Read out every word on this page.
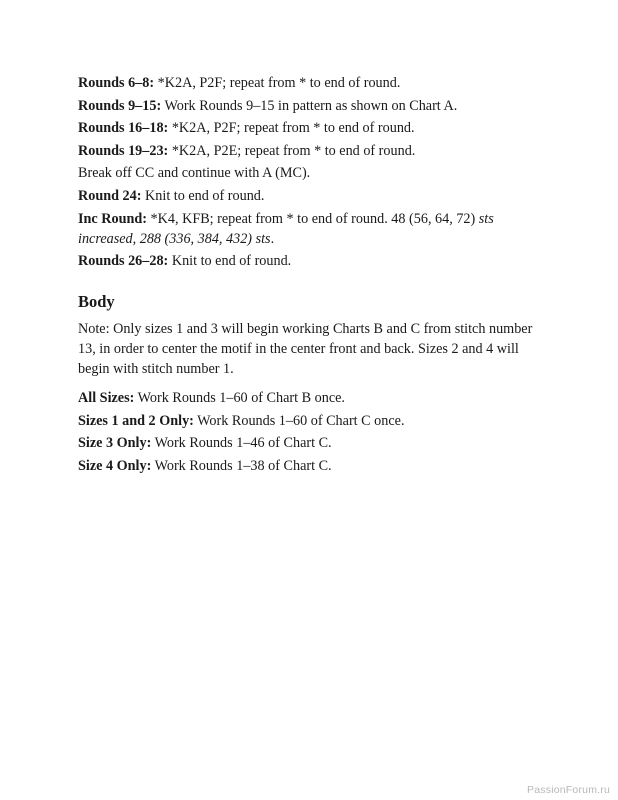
Rounds 6–8: *K2A, P2F; repeat from * to end of round.

Rounds 9–15: Work Rounds 9–15 in pattern as shown on Chart A.

Rounds 16–18: *K2A, P2F; repeat from * to end of round.

Rounds 19–23: *K2A, P2E; repeat from * to end of round.

Break off CC and continue with A (MC).

Round 24: Knit to end of round.

Inc Round: *K4, KFB; repeat from * to end of round. 48 (56, 64, 72) sts increased, 288 (336, 384, 432) sts.

Rounds 26–28: Knit to end of round.

Body

Note: Only sizes 1 and 3 will begin working Charts B and C from stitch number 13, in order to center the motif in the center front and back. Sizes 2 and 4 will begin with stitch number 1.

All Sizes: Work Rounds 1–60 of Chart B once.

Sizes 1 and 2 Only: Work Rounds 1–60 of Chart C once.

Size 3 Only: Work Rounds 1–46 of Chart C.

Size 4 Only: Work Rounds 1–38 of Chart C.

PassionForum.ru
